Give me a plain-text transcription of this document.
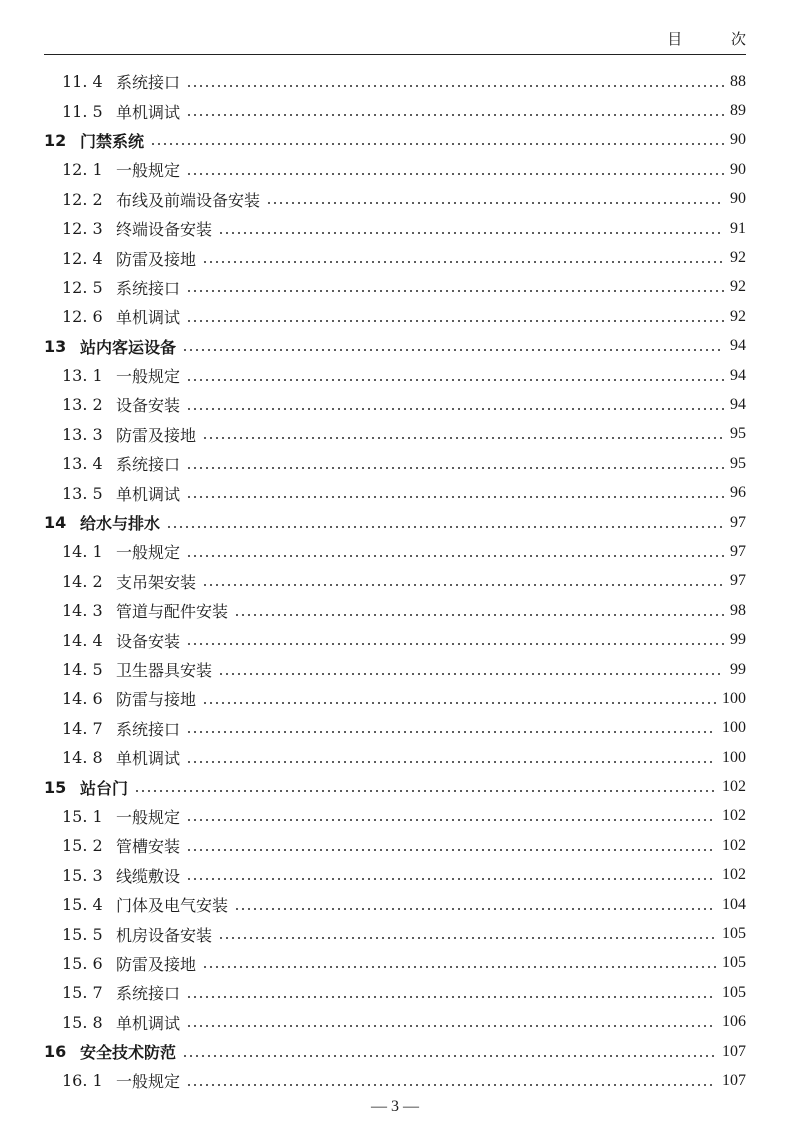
目 次
11. 4 系统接口	88
11. 5 单机调试	89
12 门禁系统	90
12. 1 一般规定	90
12. 2 布线及前端设备安装	90
12. 3 终端设备安装	91
12. 4 防雷及接地	92
12. 5 系统接口	92
12. 6 单机调试	92
13 站内客运设备	94
13. 1 一般规定	94
13. 2 设备安装	94
13. 3 防雷及接地	95
13. 4 系统接口	95
13. 5 单机调试	96
14 给水与排水	97
14. 1 一般规定	97
14. 2 支吊架安装	97
14. 3 管道与配件安装	98
14. 4 设备安装	99
14. 5 卫生器具安装	99
14. 6 防雷与接地	100
14. 7 系统接口	100
14. 8 单机调试	100
15 站台门	102
15. 1 一般规定	102
15. 2 管槽安装	102
15. 3 线缆敷设	102
15. 4 门体及电气安装	104
15. 5 机房设备安装	105
15. 6 防雷及接地	105
15. 7 系统接口	105
15. 8 单机调试	106
16 安全技术防范	107
16. 1 一般规定	107
— 3 —
